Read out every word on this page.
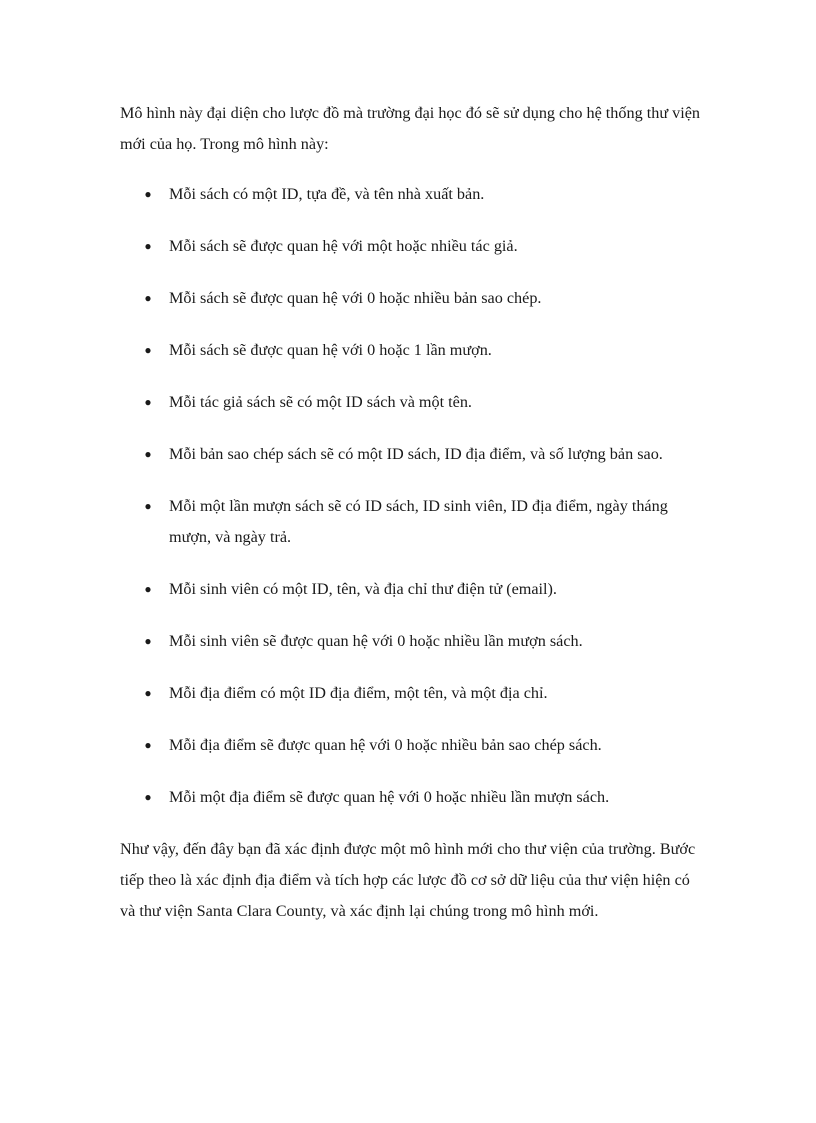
Mô hình này đại diện cho lược đồ mà trường đại học đó sẽ sử dụng cho hệ thống thư viện mới của họ. Trong mô hình này:

● Mỗi sách có một ID, tựa đề, và tên nhà xuất bản.
● Mỗi sách sẽ được quan hệ với một hoặc nhiều tác giả.
● Mỗi sách sẽ được quan hệ với 0 hoặc nhiều bản sao chép.
● Mỗi sách sẽ được quan hệ với 0 hoặc 1 lần mượn.
● Mỗi tác giả sách sẽ có một ID sách và một tên.
● Mỗi bản sao chép sách sẽ có một ID sách, ID địa điểm, và số lượng bản sao.
● Mỗi một lần mượn sách sẽ có ID sách, ID sinh viên, ID địa điểm, ngày tháng mượn, và ngày trả.
● Mỗi sinh viên có một ID, tên, và địa chỉ thư điện tử (email).
● Mỗi sinh viên sẽ được quan hệ với 0 hoặc nhiều lần mượn sách.
● Mỗi địa điểm có một ID địa điểm, một tên, và một địa chỉ.
● Mỗi địa điểm sẽ được quan hệ với 0 hoặc nhiều bản sao chép sách.
● Mỗi một địa điểm sẽ được quan hệ với 0 hoặc nhiều lần mượn sách.

Như vậy, đến đây bạn đã xác định được một mô hình mới cho thư viện của trường. Bước tiếp theo là xác định địa điểm và tích hợp các lược đồ cơ sở dữ liệu của thư viện hiện có và thư viện Santa Clara County, và xác định lại chúng trong mô hình mới.
